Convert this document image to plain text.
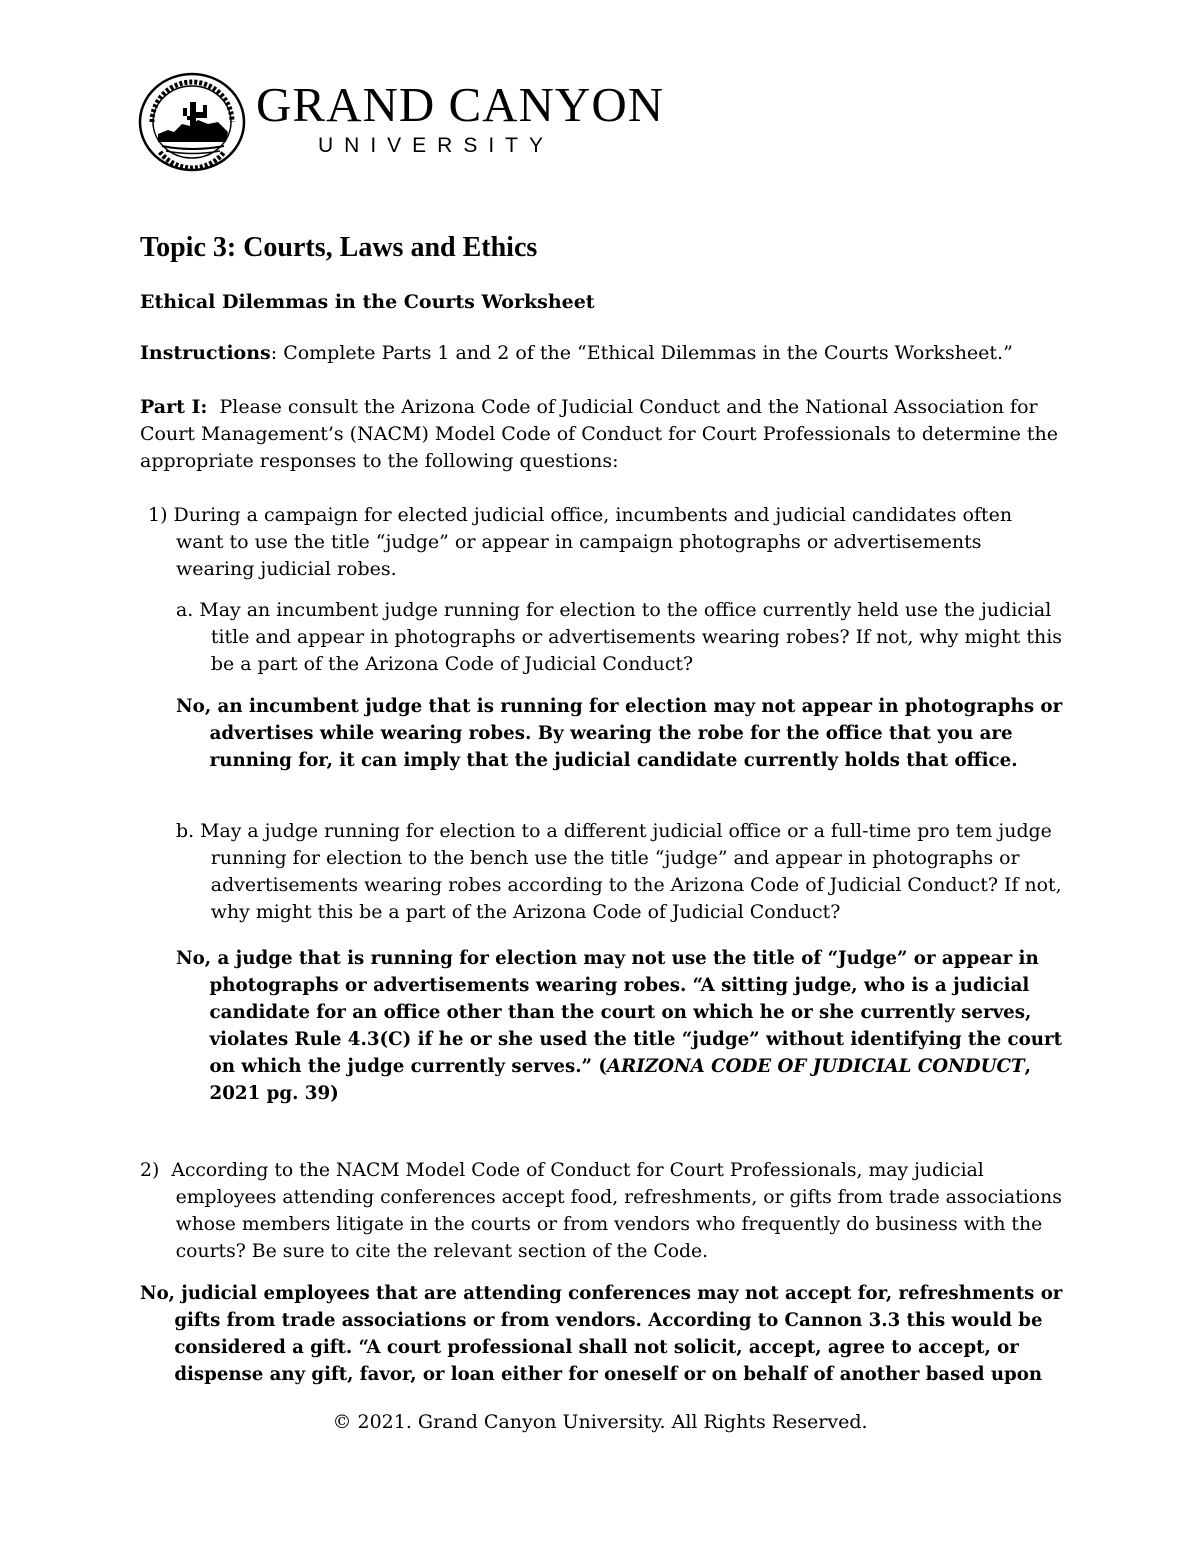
GRAND CANYON
UNIVERSITY
Topic 3: Courts, Laws and Ethics
Ethical Dilemmas in the Courts Worksheet
Instructions: Complete Parts 1 and 2 of the “Ethical Dilemmas in the Courts Worksheet.”
Part I:  Please consult the Arizona Code of Judicial Conduct and the National Association for
Court Management’s (NACM) Model Code of Conduct for Court Professionals to determine the
appropriate responses to the following questions:
1) During a campaign for elected judicial office, incumbents and judicial candidates often
want to use the title “judge” or appear in campaign photographs or advertisements
wearing judicial robes.
a. May an incumbent judge running for election to the office currently held use the judicial
title and appear in photographs or advertisements wearing robes? If not, why might this
be a part of the Arizona Code of Judicial Conduct?
No, an incumbent judge that is running for election may not appear in photographs or
advertises while wearing robes. By wearing the robe for the office that you are
running for, it can imply that the judicial candidate currently holds that office.
b. May a judge running for election to a different judicial office or a full-time pro tem judge
running for election to the bench use the title “judge” and appear in photographs or
advertisements wearing robes according to the Arizona Code of Judicial Conduct? If not,
why might this be a part of the Arizona Code of Judicial Conduct?
No, a judge that is running for election may not use the title of “Judge” or appear in
photographs or advertisements wearing robes. “A sitting judge, who is a judicial
candidate for an office other than the court on which he or she currently serves,
violates Rule 4.3(C) if he or she used the title “judge” without identifying the court
on which the judge currently serves.” (ARIZONA CODE OF JUDICIAL CONDUCT,
2021 pg. 39)
2)  According to the NACM Model Code of Conduct for Court Professionals, may judicial
employees attending conferences accept food, refreshments, or gifts from trade associations
whose members litigate in the courts or from vendors who frequently do business with the
courts? Be sure to cite the relevant section of the Code.
No, judicial employees that are attending conferences may not accept for, refreshments or
gifts from trade associations or from vendors. According to Cannon 3.3 this would be
considered a gift. “A court professional shall not solicit, accept, agree to accept, or
dispense any gift, favor, or loan either for oneself or on behalf of another based upon
© 2021. Grand Canyon University. All Rights Reserved.
